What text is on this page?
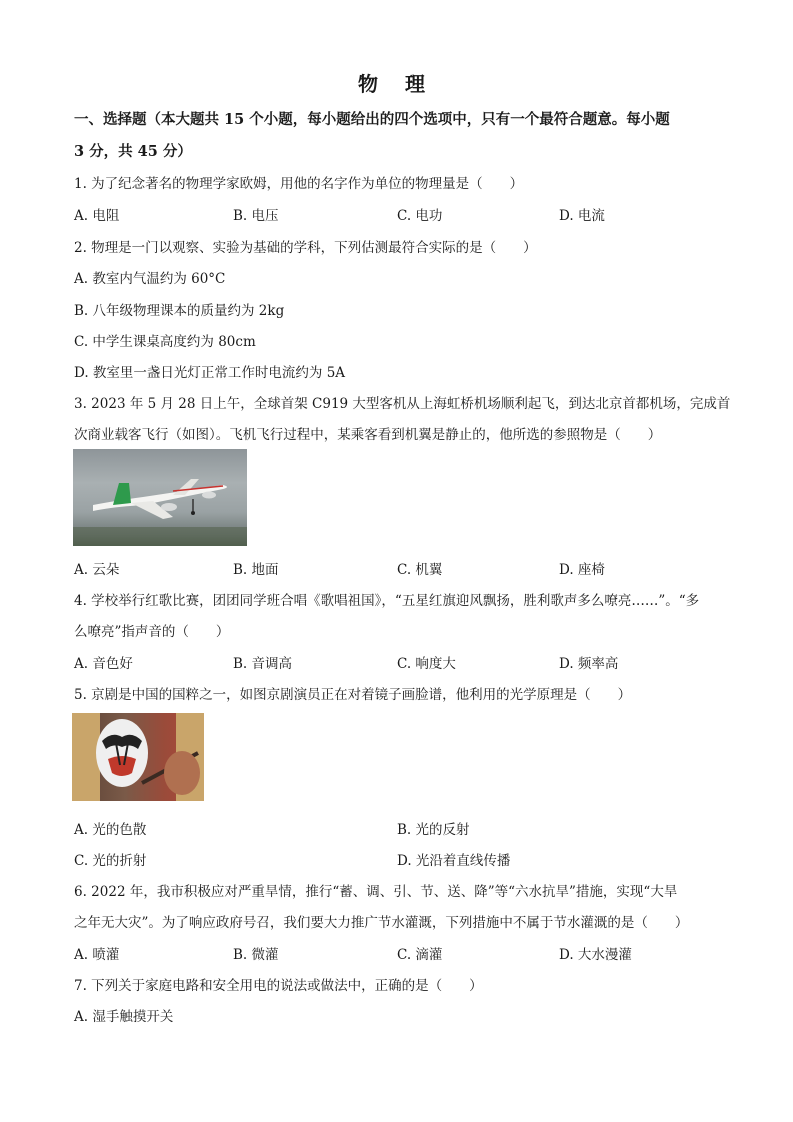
物 理
一、选择题（本大题共 15 个小题，每小题给出的四个选项中，只有一个最符合题意。每小题
3 分，共 45 分）
1. 为了纪念著名的物理学家欧姆，用他的名字作为单位的物理量是（　　）
A. 电阻	B. 电压	C. 电功	D. 电流
2. 物理是一门以观察、实验为基础的学科，下列估测最符合实际的是（　　）
A. 教室内气温约为 60°C
B. 八年级物理课本的质量约为 2kg
C. 中学生课桌高度约为 80cm
D. 教室里一盏日光灯正常工作时电流约为 5A
3. 2023 年 5 月 28 日上午，全球首架 C919 大型客机从上海虹桥机场顺利起飞，到达北京首都机场，完成首
次商业载客飞行（如图）。飞机飞行过程中，某乘客看到机翼是静止的，他所选的参照物是（　　）
A. 云朵	B. 地面	C. 机翼	D. 座椅
4. 学校举行红歌比赛，团团同学班合唱《歌唱祖国》，“五星红旗迎风飘扬，胜利歌声多么嘹亮……”。“多
么嘹亮”指声音的（　　）
A. 音色好	B. 音调高	C. 响度大	D. 频率高
5. 京剧是中国的国粹之一，如图京剧演员正在对着镜子画脸谱，他利用的光学原理是（　　）
A. 光的色散	B. 光的反射
C. 光的折射	D. 光沿着直线传播
6. 2022 年，我市积极应对严重旱情，推行“蓄、调、引、节、送、降”等“六水抗旱”措施，实现“大旱
之年无大灾”。为了响应政府号召，我们要大力推广节水灌溉，下列措施中不属于节水灌溉的是（　　）
A. 喷灌	B. 微灌	C. 滴灌	D. 大水漫灌
7. 下列关于家庭电路和安全用电的说法或做法中，正确的是（　　）
A. 湿手触摸开关
